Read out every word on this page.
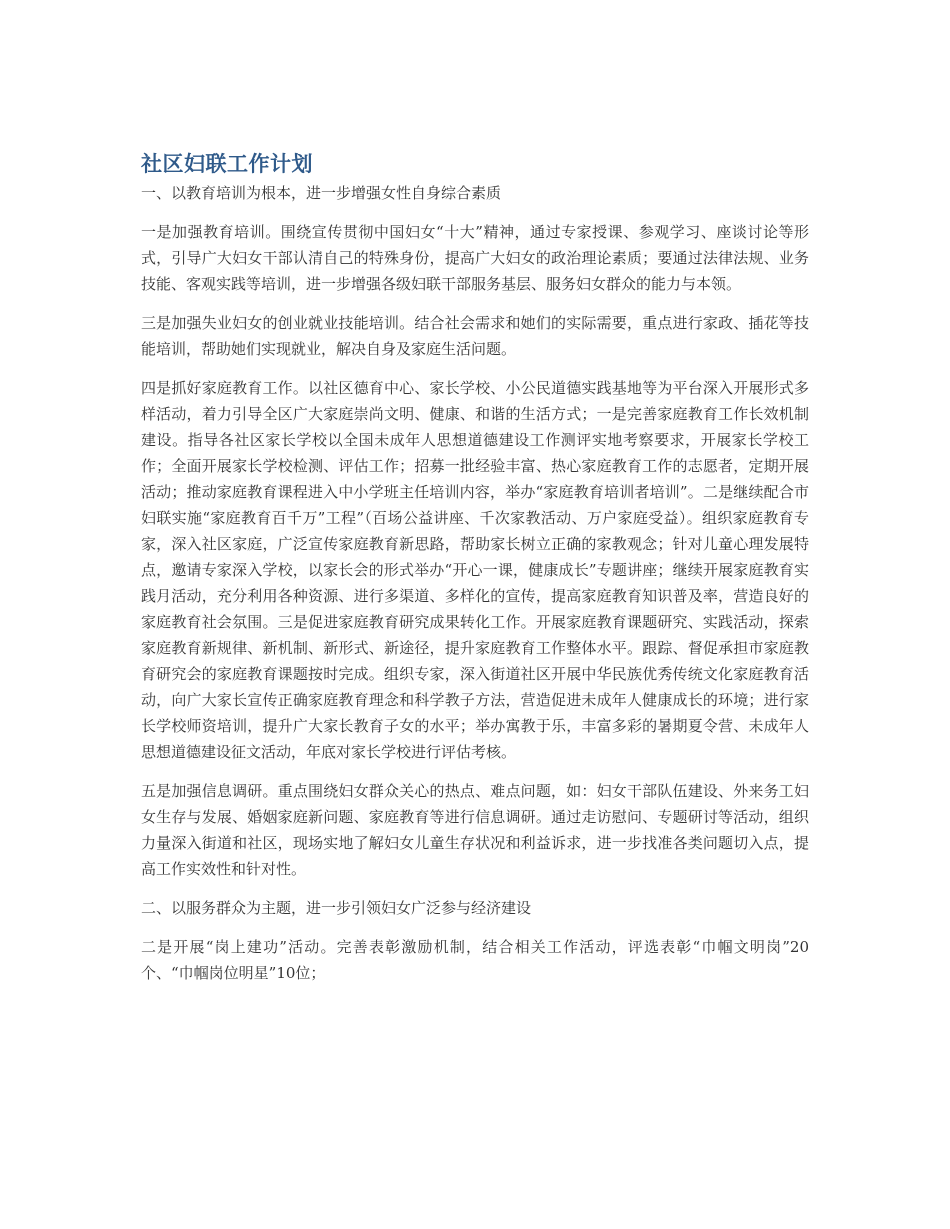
社区妇联工作计划

一、以教育培训为根本，进一步增强女性自身综合素质

一是加强教育培训。围绕宣传贯彻中国妇女“十大”精神，通过专家授课、参观学习、座谈讨论等形式，引导广大妇女干部认清自己的特殊身份，提高广大妇女的政治理论素质；要通过法律法规、业务技能、客观实践等培训，进一步增强各级妇联干部服务基层、服务妇女群众的能力与本领。

三是加强失业妇女的创业就业技能培训。结合社会需求和她们的实际需要，重点进行家政、插花等技能培训，帮助她们实现就业，解决自身及家庭生活问题。

四是抓好家庭教育工作。以社区德育中心、家长学校、小公民道德实践基地等为平台深入开展形式多样活动，着力引导全区广大家庭崇尚文明、健康、和谐的生活方式；一是完善家庭教育工作长效机制建设。指导各社区家长学校以全国未成年人思想道德建设工作测评实地考察要求，开展家长学校工作；全面开展家长学校检测、评估工作；招募一批经验丰富、热心家庭教育工作的志愿者，定期开展活动；推动家庭教育课程进入中小学班主任培训内容，举办“家庭教育培训者培训”。二是继续配合市妇联实施“家庭教育百千万”工程”（百场公益讲座、千次家教活动、万户家庭受益）。组织家庭教育专家，深入社区家庭，广泛宣传家庭教育新思路，帮助家长树立正确的家教观念；针对儿童心理发展特点，邀请专家深入学校，以家长会的形式举办“开心一课，健康成长”专题讲座；继续开展家庭教育实践月活动，充分利用各种资源、进行多渠道、多样化的宣传，提高家庭教育知识普及率，营造良好的家庭教育社会氛围。三是促进家庭教育研究成果转化工作。开展家庭教育课题研究、实践活动，探索家庭教育新规律、新机制、新形式、新途径，提升家庭教育工作整体水平。跟踪、督促承担市家庭教育研究会的家庭教育课题按时完成。组织专家，深入街道社区开展中华民族优秀传统文化家庭教育活动，向广大家长宣传正确家庭教育理念和科学教子方法，营造促进未成年人健康成长的环境；进行家长学校师资培训，提升广大家长教育子女的水平；举办寓教于乐，丰富多彩的暑期夏令营、未成年人思想道德建设征文活动，年底对家长学校进行评估考核。

五是加强信息调研。重点围绕妇女群众关心的热点、难点问题，如：妇女干部队伍建设、外来务工妇女生存与发展、婚姻家庭新问题、家庭教育等进行信息调研。通过走访慰问、专题研讨等活动，组织力量深入街道和社区，现场实地了解妇女儿童生存状况和利益诉求，进一步找准各类问题切入点，提高工作实效性和针对性。

二、以服务群众为主题，进一步引领妇女广泛参与经济建设

二是开展“岗上建功”活动。完善表彰激励机制，结合相关工作活动，评选表彰“巾帼文明岗”20个、“巾帼岗位明星”10位；
